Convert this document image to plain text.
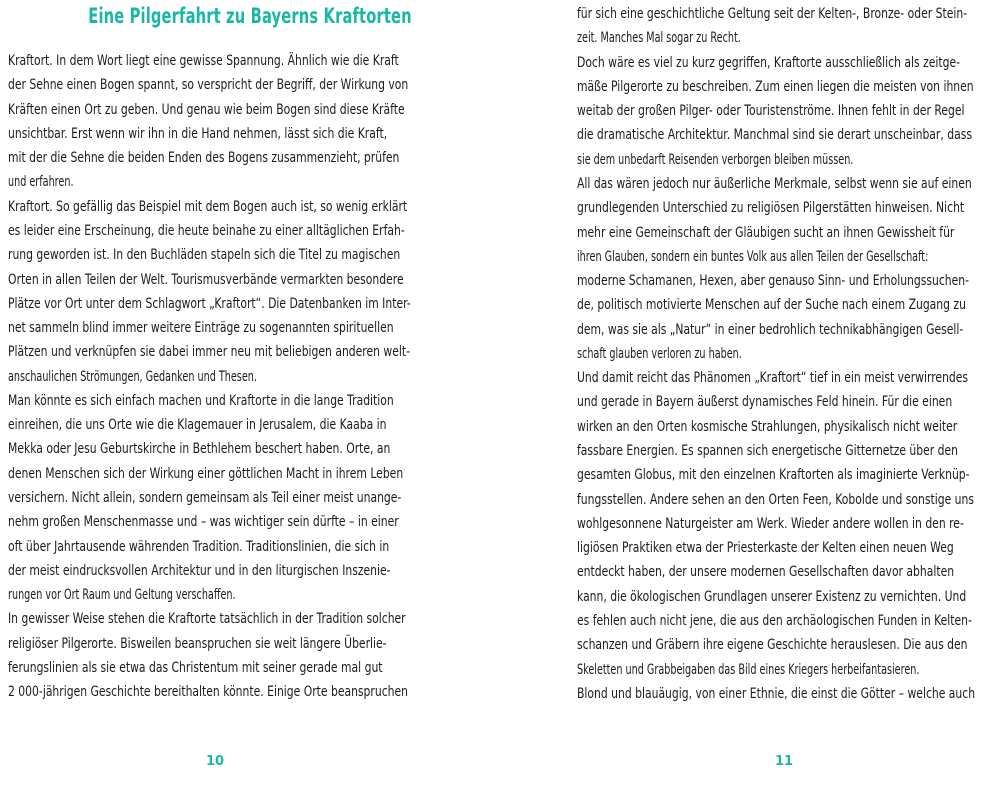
Eine Pilgerfahrt zu Bayerns Kraftorten
Kraftort. In dem Wort liegt eine gewisse Spannung. Ähnlich wie die Kraft
der Sehne einen Bogen spannt, so verspricht der Begriff, der Wirkung von
Kräften einen Ort zu geben. Und genau wie beim Bogen sind diese Kräfte
unsichtbar. Erst wenn wir ihn in die Hand nehmen, lässt sich die Kraft,
mit der die Sehne die beiden Enden des Bogens zusammenzieht, prüfen
und erfahren.
Kraftort. So gefällig das Beispiel mit dem Bogen auch ist, so wenig erklärt
es leider eine Erscheinung, die heute beinahe zu einer alltäglichen Erfah-
rung geworden ist. In den Buchläden stapeln sich die Titel zu magischen
Orten in allen Teilen der Welt. Tourismusverbände vermarkten besondere
Plätze vor Ort unter dem Schlagwort „Kraftort“. Die Datenbanken im Inter-
net sammeln blind immer weitere Einträge zu sogenannten spirituellen
Plätzen und verknüpfen sie dabei immer neu mit beliebigen anderen welt-
anschaulichen Strömungen, Gedanken und Thesen.
Man könnte es sich einfach machen und Kraftorte in die lange Tradition
einreihen, die uns Orte wie die Klagemauer in Jerusalem, die Kaaba in
Mekka oder Jesu Geburtskirche in Bethlehem beschert haben. Orte, an
denen Menschen sich der Wirkung einer göttlichen Macht in ihrem Leben
versichern. Nicht allein, sondern gemeinsam als Teil einer meist unange-
nehm großen Menschenmasse und – was wichtiger sein dürfte – in einer
oft über Jahrtausende währenden Tradition. Traditionslinien, die sich in
der meist eindrucksvollen Architektur und in den liturgischen Inszenie-
rungen vor Ort Raum und Geltung verschaffen.
In gewisser Weise stehen die Kraftorte tatsächlich in der Tradition solcher
religiöser Pilgerorte. Bisweilen beanspruchen sie weit längere Überlie-
ferungslinien als sie etwa das Christentum mit seiner gerade mal gut
2 000-jährigen Geschichte bereithalten könnte. Einige Orte beanspruchen
10
für sich eine geschichtliche Geltung seit der Kelten-, Bronze- oder Stein-
zeit. Manches Mal sogar zu Recht.
Doch wäre es viel zu kurz gegriffen, Kraftorte ausschließlich als zeitge-
mäße Pilgerorte zu beschreiben. Zum einen liegen die meisten von ihnen
weitab der großen Pilger- oder Touristenströme. Ihnen fehlt in der Regel
die dramatische Architektur. Manchmal sind sie derart unscheinbar, dass
sie dem unbedarft Reisenden verborgen bleiben müssen.
All das wären jedoch nur äußerliche Merkmale, selbst wenn sie auf einen
grundlegenden Unterschied zu religiösen Pilgerstätten hinweisen. Nicht
mehr eine Gemeinschaft der Gläubigen sucht an ihnen Gewissheit für
ihren Glauben, sondern ein buntes Volk aus allen Teilen der Gesellschaft:
moderne Schamanen, Hexen, aber genauso Sinn- und Erholungssuchen-
de, politisch motivierte Menschen auf der Suche nach einem Zugang zu
dem, was sie als „Natur“ in einer bedrohlich technikabhängigen Gesell-
schaft glauben verloren zu haben.
Und damit reicht das Phänomen „Kraftort“ tief in ein meist verwirrendes
und gerade in Bayern äußerst dynamisches Feld hinein. Für die einen
wirken an den Orten kosmische Strahlungen, physikalisch nicht weiter
fassbare Energien. Es spannen sich energetische Gitternetze über den
gesamten Globus, mit den einzelnen Kraftorten als imaginierte Verknüp-
fungsstellen. Andere sehen an den Orten Feen, Kobolde und sonstige uns
wohlgesonnene Naturgeister am Werk. Wieder andere wollen in den re-
ligiösen Praktiken etwa der Priesterkaste der Kelten einen neuen Weg
entdeckt haben, der unsere modernen Gesellschaften davor abhalten
kann, die ökologischen Grundlagen unserer Existenz zu vernichten. Und
es fehlen auch nicht jene, die aus den archäologischen Funden in Kelten-
schanzen und Gräbern ihre eigene Geschichte herauslesen. Die aus den
Skeletten und Grabbeigaben das Bild eines Kriegers herbeifantasieren.
Blond und blauäugig, von einer Ethnie, die einst die Götter – welche auch
11
